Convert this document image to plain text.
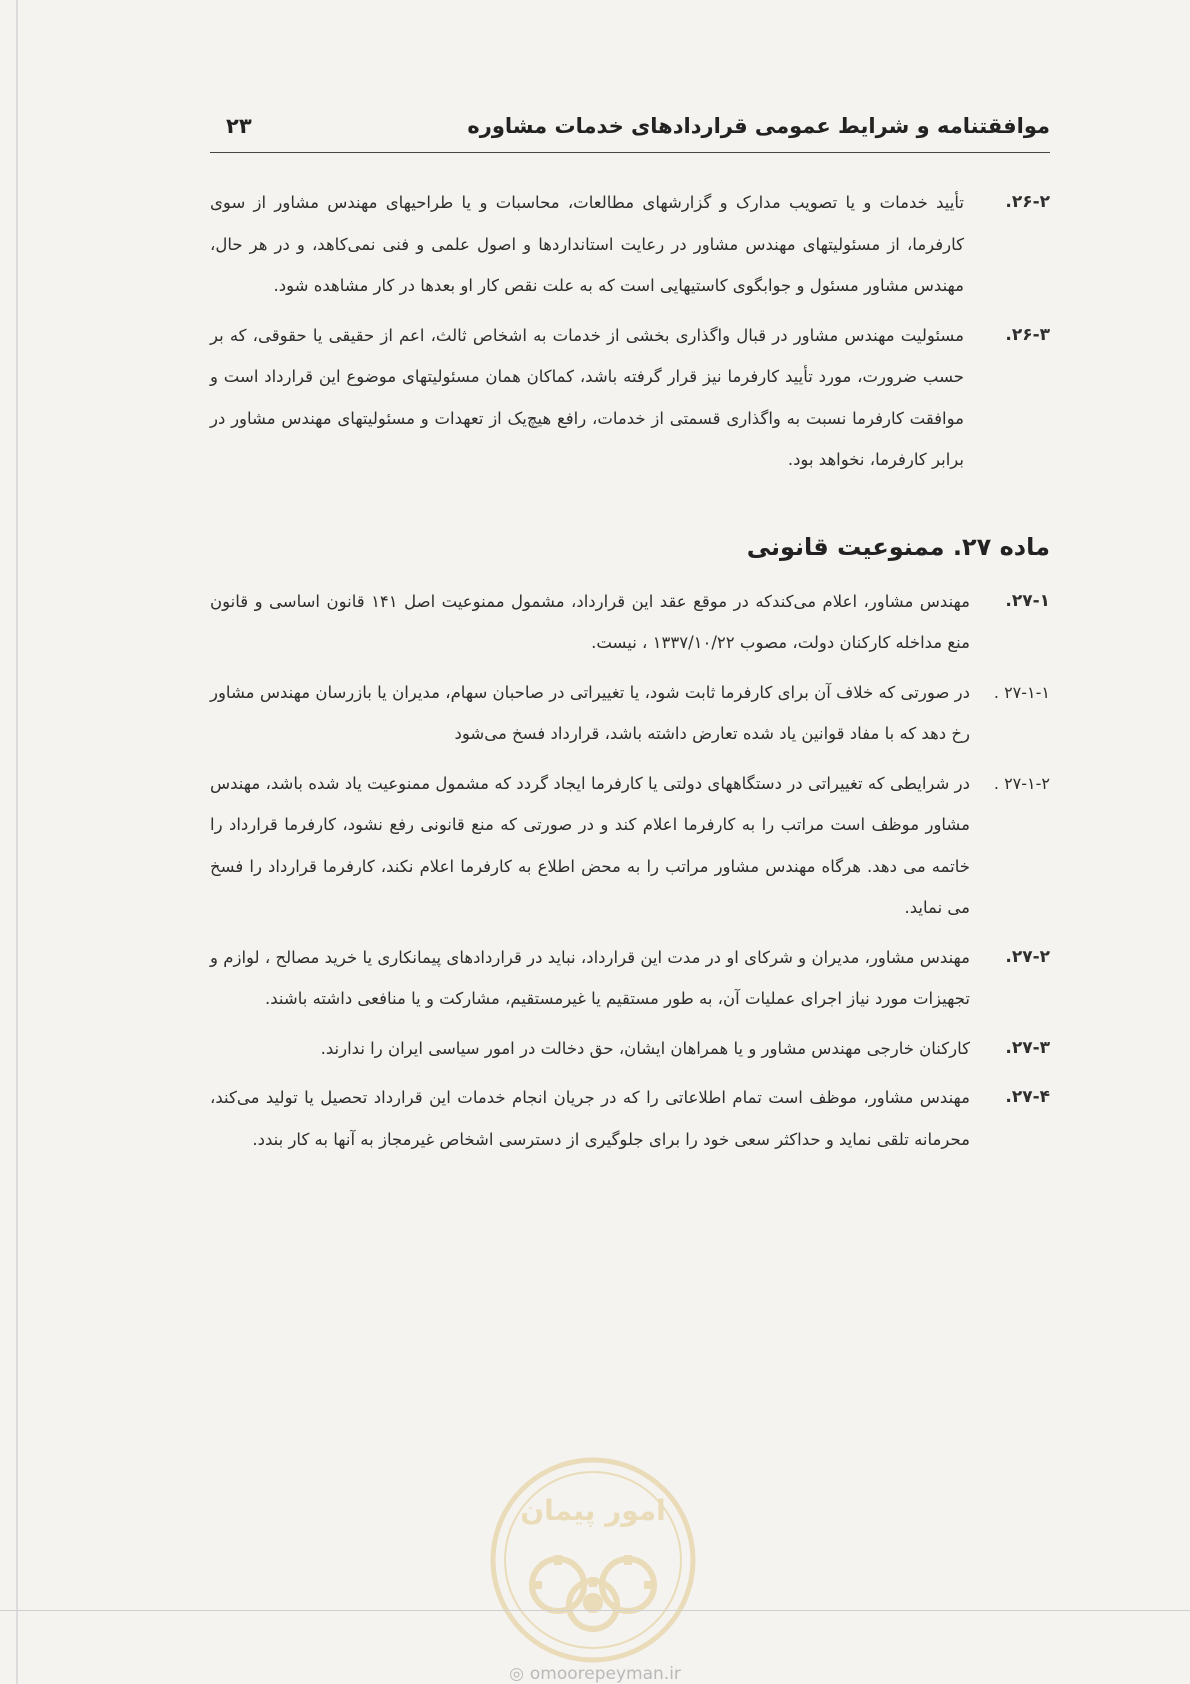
موافقتنامه و شرایط عمومی قراردادهای خدمات مشاوره
۲۳
۲۶-۲.
تأیید خدمات و یا تصویب مدارک و گزارشهای مطالعات، محاسبات و یا طراحیهای مهندس مشاور از سوی کارفرما، از مسئولیتهای مهندس مشاور در رعایت استانداردها و اصول علمی و فنی نمی‌کاهد، و در هر حال، مهندس مشاور مسئول و جوابگوی کاستیهایی است که به علت نقص کار او بعدها در کار مشاهده شود.
۲۶-۳.
مسئولیت مهندس مشاور در قبال واگذاری بخشی از خدمات به اشخاص ثالث، اعم از حقیقی یا حقوقی، که بر حسب ضرورت، مورد تأیید کارفرما نیز قرار گرفته باشد، کماکان همان مسئولیتهای موضوع این قرارداد است و موافقت کارفرما نسبت به واگذاری قسمتی از خدمات، رافع هیچ‌یک از تعهدات و مسئولیتهای مهندس مشاور در برابر کارفرما، نخواهد بود.
ماده ۲۷. ممنوعیت قانونی
۲۷-۱.
مهندس مشاور، اعلام می‌کندکه در موقع عقد این قرارداد، مشمول ممنوعیت اصل ۱۴۱ قانون اساسی و قانون منع مداخله کارکنان دولت، مصوب ۱۳۳۷/۱۰/۲۲ ، نیست.
۲۷-۱-۱ .
در صورتی که خلاف آن برای کارفرما ثابت شود، یا تغییراتی در صاحبان سهام، مدیران یا بازرسان مهندس مشاور رخ دهد که با مفاد قوانین یاد شده تعارض داشته باشد، قرارداد فسخ می‌شود
۲۷-۱-۲ .
در شرایطی که تغییراتی در دستگاههای دولتی یا کارفرما ایجاد گردد که مشمول ممنوعیت یاد شده باشد، مهندس مشاور موظف است مراتب را به کارفرما اعلام کند و در صورتی که منع قانونی رفع نشود، کارفرما قرارداد را خاتمه می دهد. هرگاه مهندس مشاور مراتب را به محض اطلاع به کارفرما اعلام نکند، کارفرما قرارداد را فسخ می نماید.
۲۷-۲.
مهندس مشاور، مدیران و شرکای او در مدت این قرارداد، نباید در قراردادهای پیمانکاری یا خرید مصالح ، لوازم و تجهیزات مورد نیاز اجرای عملیات آن، به طور مستقیم یا غیرمستقیم، مشارکت و یا منافعی داشته باشند.
۲۷-۳.
کارکنان خارجی مهندس مشاور و یا همراهان ایشان، حق دخالت در امور سیاسی ایران را ندارند.
۲۷-۴.
مهندس مشاور، موظف است تمام اطلاعاتی را که در جریان انجام خدمات این قرارداد تحصیل یا تولید می‌کند، محرمانه تلقی نماید و حداکثر سعی خود را برای جلوگیری از دسترسی اشخاص غیرمجاز به آنها به کار بندد.
امور پیمان
◎ omoorepeyman.ir
